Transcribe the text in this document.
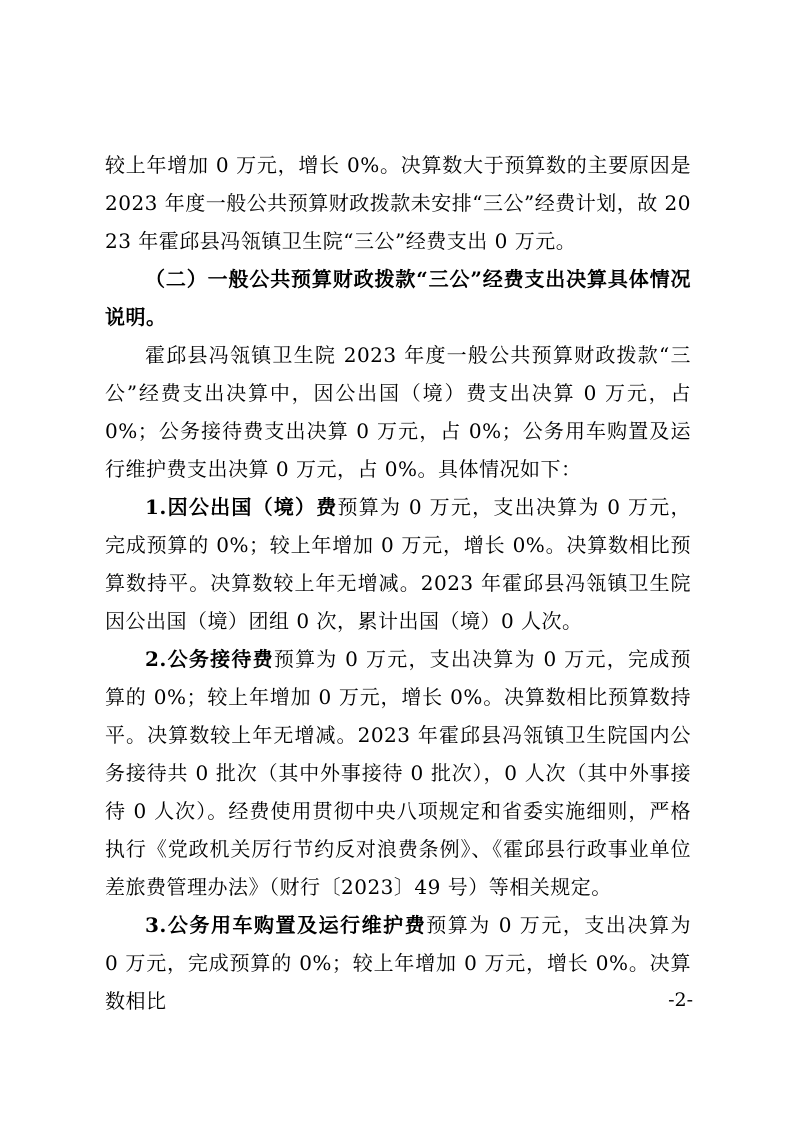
较上年增加 0 万元，增长 0%。决算数大于预算数的主要原因是 2023 年度一般公共预算财政拨款未安排“三公”经费计划，故 2023 年霍邱县冯瓴镇卫生院“三公”经费支出 0 万元。

（二）一般公共预算财政拨款“三公”经费支出决算具体情况说明。

霍邱县冯瓴镇卫生院 2023 年度一般公共预算财政拨款“三公”经费支出决算中，因公出国（境）费支出决算 0 万元，占 0%；公务接待费支出决算 0 万元，占 0%；公务用车购置及运行维护费支出决算 0 万元，占 0%。具体情况如下：

1.因公出国（境）费预算为 0 万元，支出决算为 0 万元，完成预算的 0%；较上年增加 0 万元，增长 0%。决算数相比预算数持平。决算数较上年无增减。2023 年霍邱县冯瓴镇卫生院因公出国（境）团组 0 次，累计出国（境）0 人次。

2.公务接待费预算为 0 万元，支出决算为 0 万元，完成预算的 0%；较上年增加 0 万元，增长 0%。决算数相比预算数持平。决算数较上年无增减。2023 年霍邱县冯瓴镇卫生院国内公务接待共 0 批次（其中外事接待 0 批次），0 人次（其中外事接待 0 人次）。经费使用贯彻中央八项规定和省委实施细则，严格执行《党政机关厉行节约反对浪费条例》、《霍邱县行政事业单位差旅费管理办法》（财行〔2023〕49 号）等相关规定。

3.公务用车购置及运行维护费预算为 0 万元，支出决算为　0 万元，完成预算的 0%；较上年增加 0 万元，增长 0%。决算数相比	-2-
